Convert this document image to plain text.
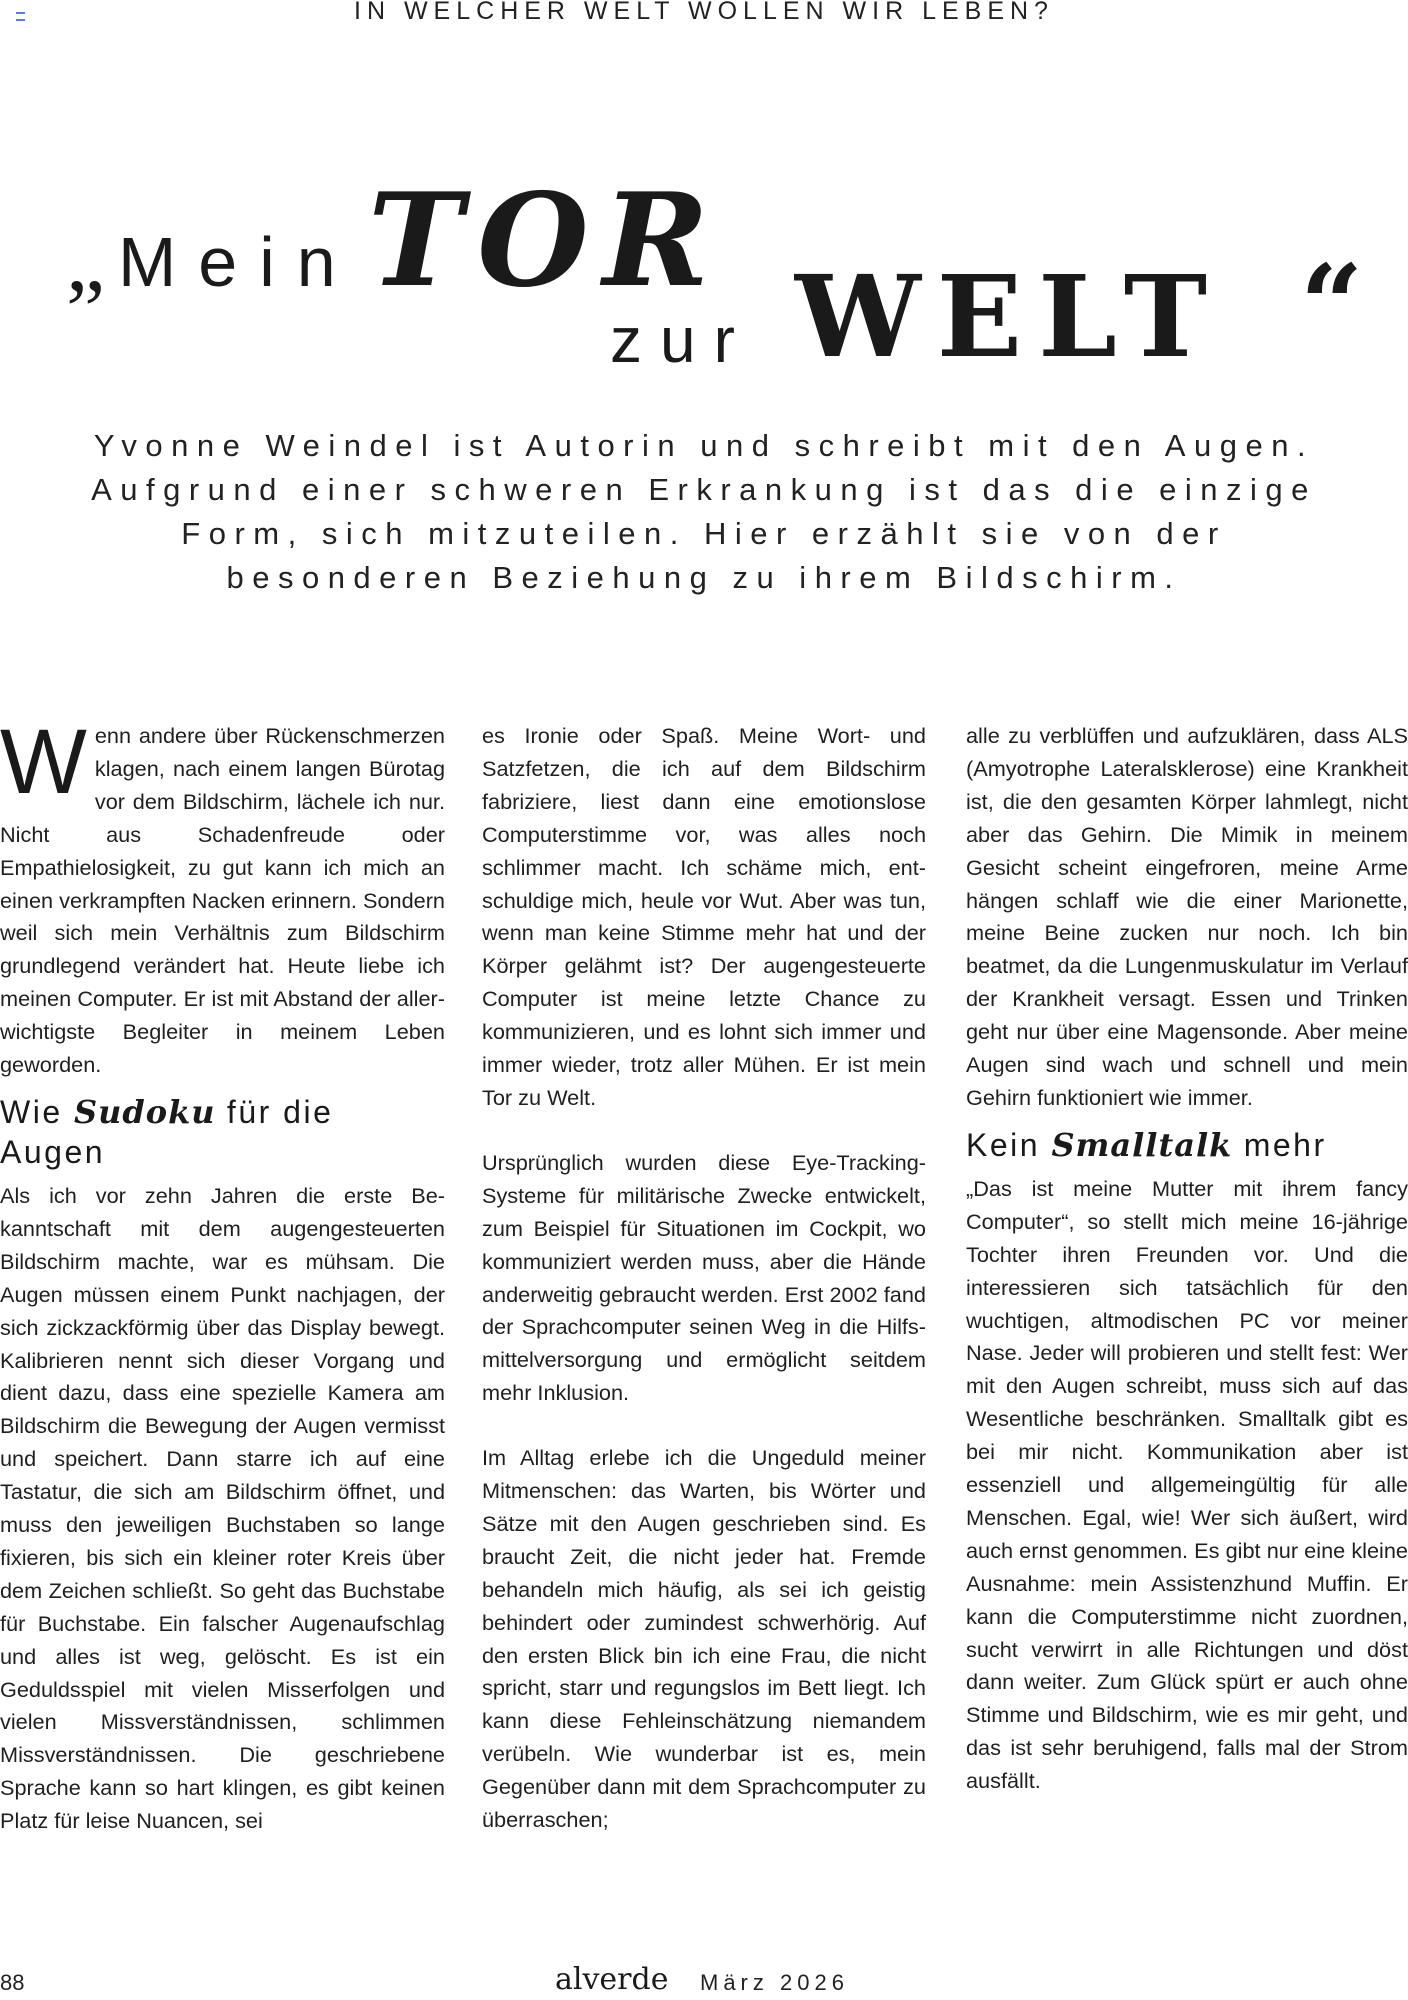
IN WELCHER WELT WOLLEN WIR LEBEN?
„ Mein TOR
zur WELT “
Yvonne Weindel ist Autorin und schreibt mit den Augen. Aufgrund einer schweren Erkrankung ist das die einzige Form, sich mitzuteilen. Hier erzählt sie von der besonderen Beziehung zu ihrem Bildschirm.

Wenn andere über Rückenschmerzen klagen, nach einem langen Bürotag vor dem Bildschirm, lächele ich nur. Nicht aus Schadenfreude oder Empathielosigkeit, zu gut kann ich mich an einen verkrampften Nacken erinnern. Sondern weil sich mein Verhältnis zum Bildschirm grundlegend verändert hat. Heute liebe ich meinen Computer. Er ist mit Abstand der allerwichtigste Begleiter in meinem Leben geworden.

Wie Sudoku für die Augen

Als ich vor zehn Jahren die erste Bekanntschaft mit dem augengesteuerten Bildschirm machte, war es mühsam. Die Augen müssen einem Punkt nachjagen, der sich zickzackförmig über das Display bewegt. Kalibrieren nennt sich dieser Vorgang und dient dazu, dass eine spezielle Kamera am Bildschirm die Bewegung der Augen vermisst und speichert. Dann starre ich auf eine Tastatur, die sich am Bildschirm öffnet, und muss den jeweiligen Buchstaben so lange fixieren, bis sich ein kleiner roter Kreis über dem Zeichen schließt. So geht das Buchstabe für Buchstabe. Ein falscher Augenaufschlag und alles ist weg, gelöscht. Es ist ein Geduldsspiel mit vielen Misserfolgen und vielen Missverständnissen, schlimmen Missverständnissen. Die geschriebene Sprache kann so hart klingen, es gibt keinen Platz für leise Nuancen, sei

es Ironie oder Spaß. Meine Wort- und Satzfetzen, die ich auf dem Bildschirm fabriziere, liest dann eine emotionslose Computerstimme vor, was alles noch schlimmer macht. Ich schäme mich, entschuldige mich, heule vor Wut. Aber was tun, wenn man keine Stimme mehr hat und der Körper gelähmt ist? Der augengesteuerte Computer ist meine letzte Chance zu kommunizieren, und es lohnt sich immer und immer wieder, trotz aller Mühen. Er ist mein Tor zu Welt.

Ursprünglich wurden diese Eye-Tracking-Systeme für militärische Zwecke entwickelt, zum Beispiel für Situationen im Cockpit, wo kommuniziert werden muss, aber die Hände anderweitig gebraucht werden. Erst 2002 fand der Sprachcomputer seinen Weg in die Hilfsmittelversorgung und ermöglicht seitdem mehr Inklusion.

Im Alltag erlebe ich die Ungeduld meiner Mitmenschen: das Warten, bis Wörter und Sätze mit den Augen geschrieben sind. Es braucht Zeit, die nicht jeder hat. Fremde behandeln mich häufig, als sei ich geistig behindert oder zumindest schwerhörig. Auf den ersten Blick bin ich eine Frau, die nicht spricht, starr und regungslos im Bett liegt. Ich kann diese Fehleinschätzung niemandem verübeln. Wie wunderbar ist es, mein Gegenüber dann mit dem Sprachcomputer zu überraschen;

alle zu verblüffen und aufzuklären, dass ALS (Amyotrophe Lateralsklerose) eine Krankheit ist, die den gesamten Körper lahmlegt, nicht aber das Gehirn. Die Mimik in meinem Gesicht scheint eingefroren, meine Arme hängen schlaff wie die einer Marionette, meine Beine zucken nur noch. Ich bin beatmet, da die Lungenmuskulatur im Verlauf der Krankheit versagt. Essen und Trinken geht nur über eine Magensonde. Aber meine Augen sind wach und schnell und mein Gehirn funktioniert wie immer.

Kein Smalltalk mehr

„Das ist meine Mutter mit ihrem fancy Computer“, so stellt mich meine 16-jährige Tochter ihren Freunden vor. Und die interessieren sich tatsächlich für den wuchtigen, altmodischen PC vor meiner Nase. Jeder will probieren und stellt fest: Wer mit den Augen schreibt, muss sich auf das Wesentliche beschränken. Smalltalk gibt es bei mir nicht. Kommunikation aber ist essenziell und allgemeingültig für alle Menschen. Egal, wie! Wer sich äußert, wird auch ernst genommen. Es gibt nur eine kleine Ausnahme: mein Assistenzhund Muffin. Er kann die Computerstimme nicht zuordnen, sucht verwirrt in alle Richtungen und döst dann weiter. Zum Glück spürt er auch ohne Stimme und Bildschirm, wie es mir geht, und das ist sehr beruhigend, falls mal der Strom ausfällt.

88	alverde März 2026
